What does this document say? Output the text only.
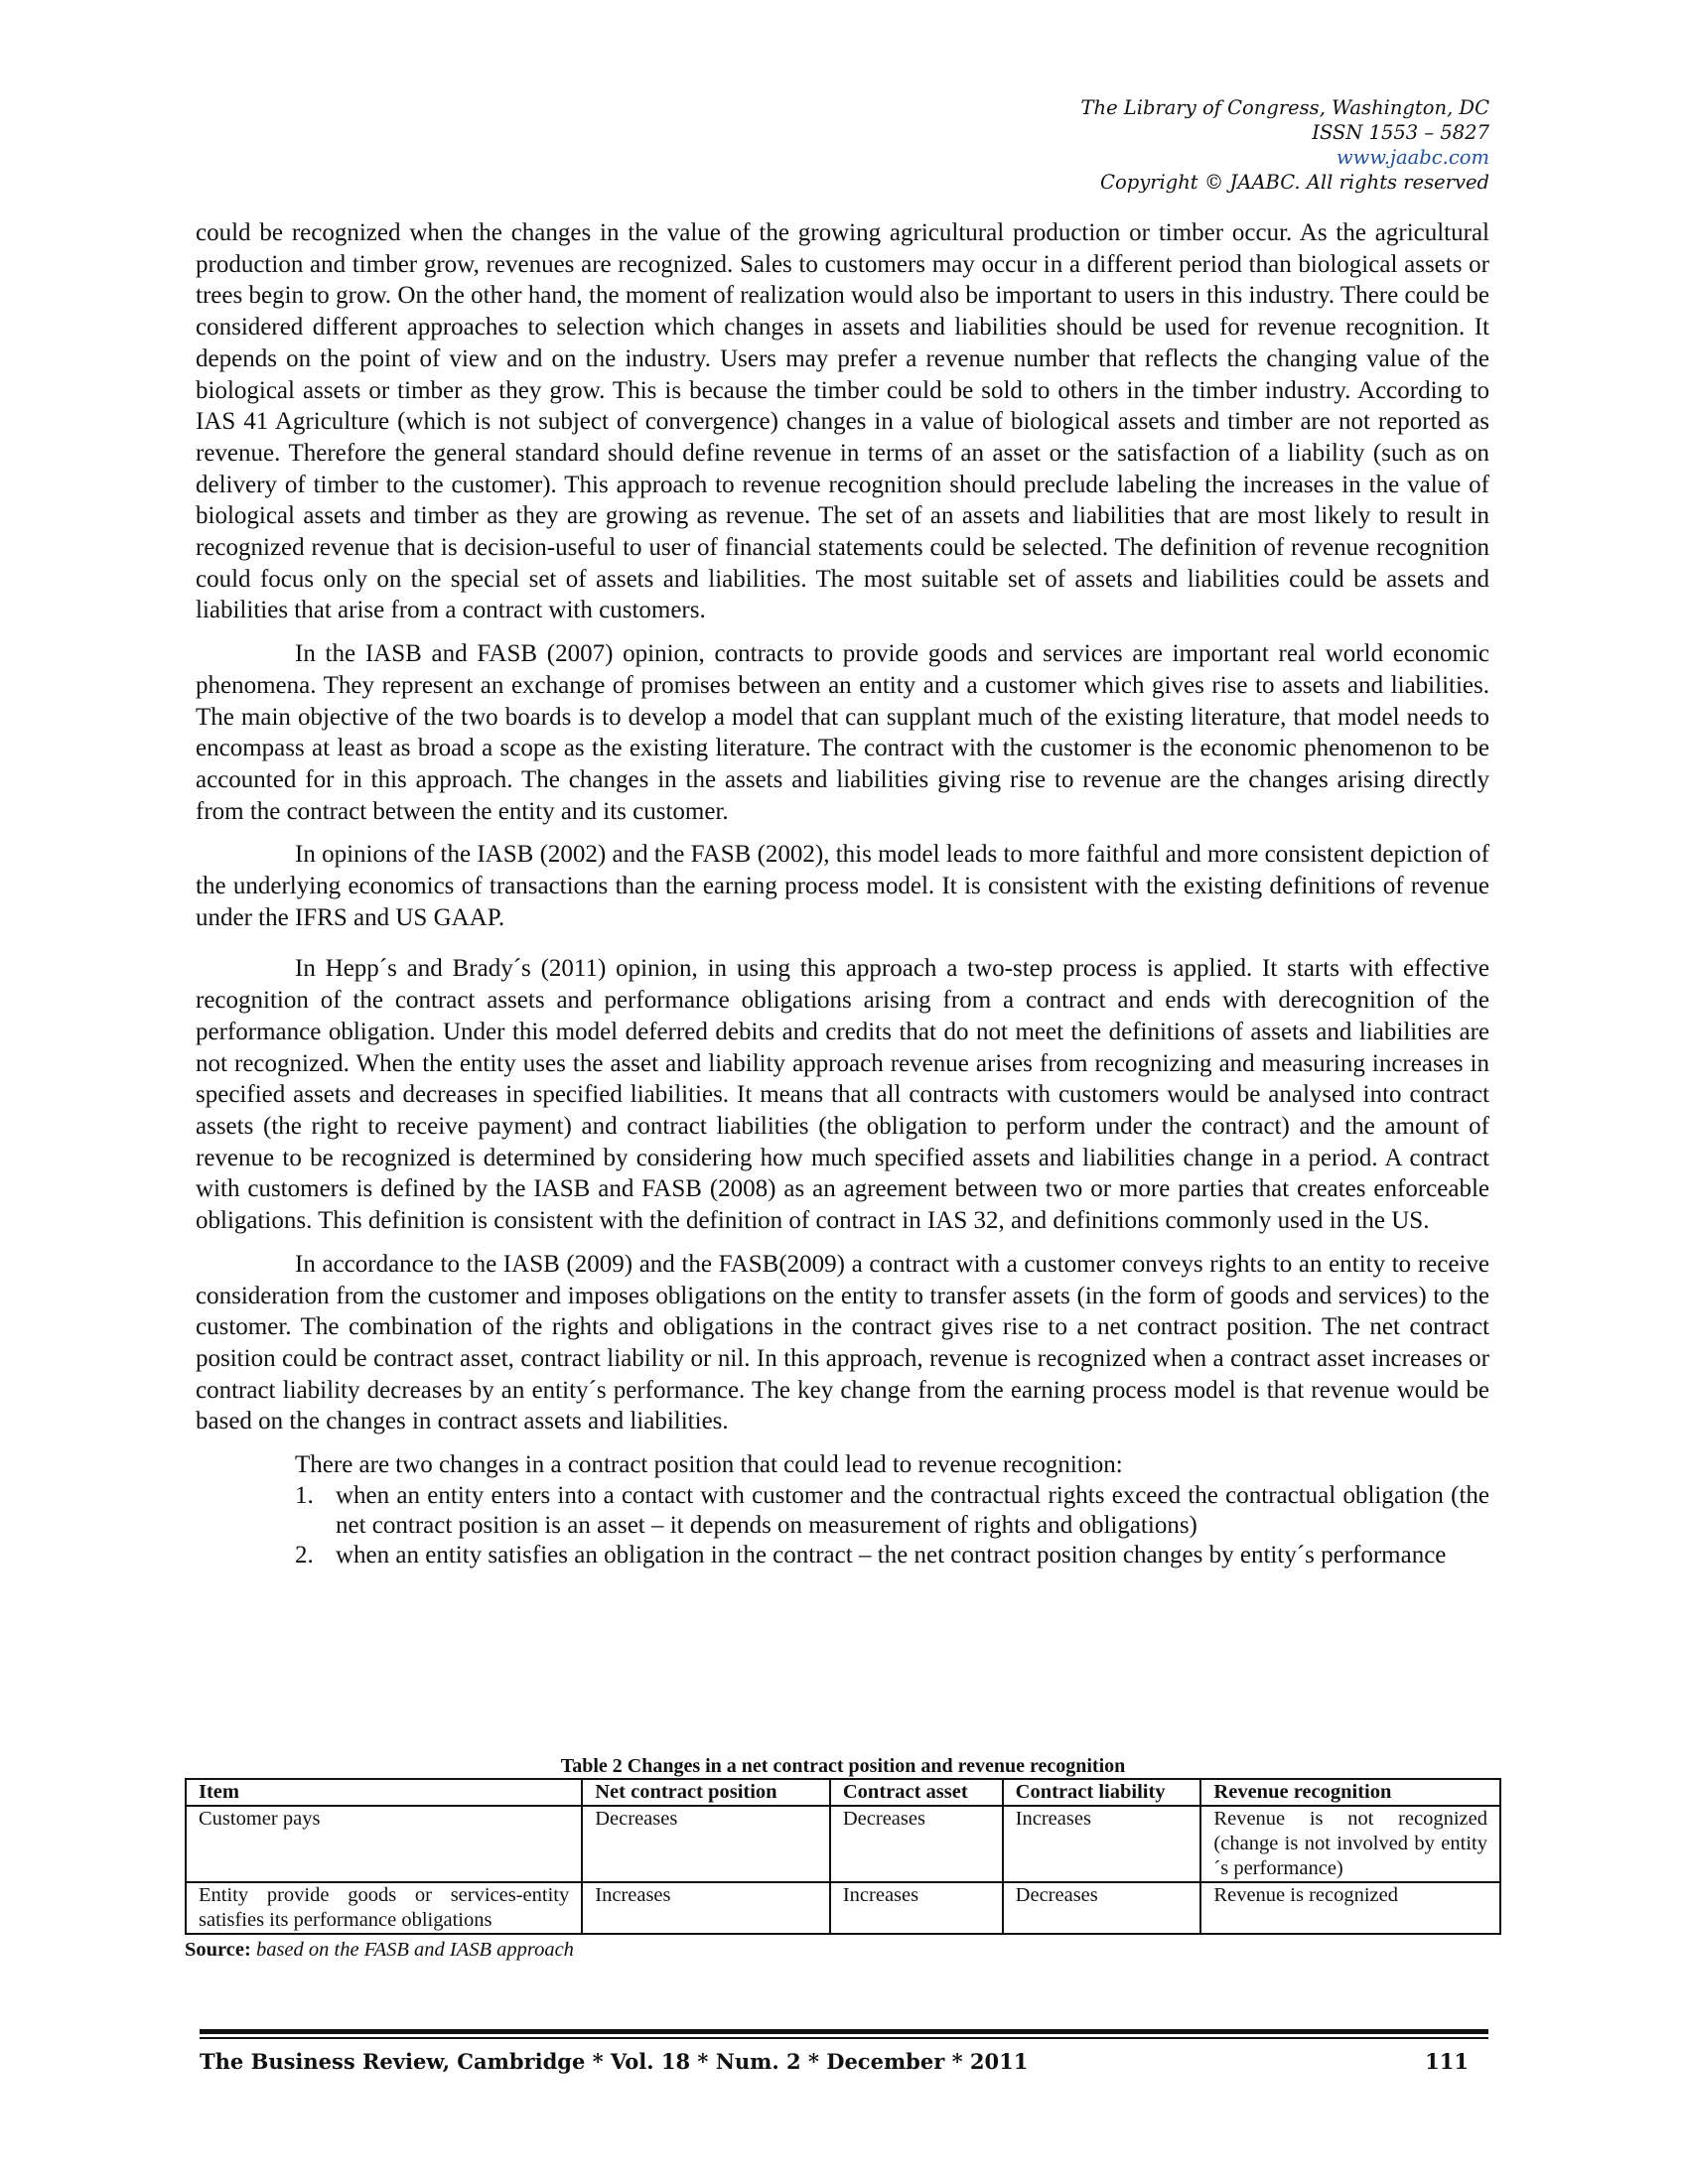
The Library of Congress, Washington, DC
ISSN 1553 – 5827
www.jaabc.com
Copyright © JAABC. All rights reserved

could be recognized when the changes in the value of the growing agricultural production or timber occur. As the agricultural production and timber grow, revenues are recognized. Sales to customers may occur in a different period than biological assets or trees begin to grow. On the other hand, the moment of realization would also be important to users in this industry. There could be considered different approaches to selection which changes in assets and liabilities should be used for revenue recognition. It depends on the point of view and on the industry. Users may prefer a revenue number that reflects the changing value of the biological assets or timber as they grow. This is because the timber could be sold to others in the timber industry. According to IAS 41 Agriculture (which is not subject of convergence) changes in a value of biological assets and timber are not reported as revenue. Therefore the general standard should define revenue in terms of an asset or the satisfaction of a liability (such as on delivery of timber to the customer). This approach to revenue recognition should preclude labeling the increases in the value of biological assets and timber as they are growing as revenue. The set of an assets and liabilities that are most likely to result in recognized revenue that is decision-useful to user of financial statements could be selected. The definition of revenue recognition could focus only on the special set of assets and liabilities. The most suitable set of assets and liabilities could be assets and liabilities that arise from a contract with customers.

In the IASB and FASB (2007) opinion, contracts to provide goods and services are important real world economic phenomena. They represent an exchange of promises between an entity and a customer which gives rise to assets and liabilities. The main objective of the two boards is to develop a model that can supplant much of the existing literature, that model needs to encompass at least as broad a scope as the existing literature. The contract with the customer is the economic phenomenon to be accounted for in this approach. The changes in the assets and liabilities giving rise to revenue are the changes arising directly from the contract between the entity and its customer.

In opinions of the IASB (2002) and the FASB (2002), this model leads to more faithful and more consistent depiction of the underlying economics of transactions than the earning process model. It is consistent with the existing definitions of revenue under the IFRS and US GAAP.

In Hepp´s and Brady´s (2011) opinion, in using this approach a two-step process is applied. It starts with effective recognition of the contract assets and performance obligations arising from a contract and ends with derecognition of the performance obligation. Under this model deferred debits and credits that do not meet the definitions of assets and liabilities are not recognized. When the entity uses the asset and liability approach revenue arises from recognizing and measuring increases in specified assets and decreases in specified liabilities. It means that all contracts with customers would be analysed into contract assets (the right to receive payment) and contract liabilities (the obligation to perform under the contract) and the amount of revenue to be recognized is determined by considering how much specified assets and liabilities change in a period. A contract with customers is defined by the IASB and FASB (2008) as an agreement between two or more parties that creates enforceable obligations. This definition is consistent with the definition of contract in IAS 32, and definitions commonly used in the US.

In accordance to the IASB (2009) and the FASB(2009) a contract with a customer conveys rights to an entity to receive consideration from the customer and imposes obligations on the entity to transfer assets (in the form of goods and services) to the customer. The combination of the rights and obligations in the contract gives rise to a net contract position. The net contract position could be contract asset, contract liability or nil. In this approach, revenue is recognized when a contract asset increases or contract liability decreases by an entity´s performance. The key change from the earning process model is that revenue would be based on the changes in contract assets and liabilities.

There are two changes in a contract position that could lead to revenue recognition:

1. when an entity enters into a contact with customer and the contractual rights exceed the contractual obligation (the net contract position is an asset – it depends on measurement of rights and obligations)
2. when an entity satisfies an obligation in the contract – the net contract position changes by entity´s performance
Table 2 Changes in a net contract position and revenue recognition
Item	Net contract position	Contract asset	Contract liability	Revenue recognition
Customer pays	Decreases	Decreases	Increases	Revenue is not recognized (change is not involved by entity´s performance)
Entity provide goods or services-entity satisfies its performance obligations	Increases	Increases	Decreases	Revenue is recognized
Source: based on the FASB and IASB approach
The Business Review, Cambridge * Vol. 18 * Num. 2 * December * 2011	111
